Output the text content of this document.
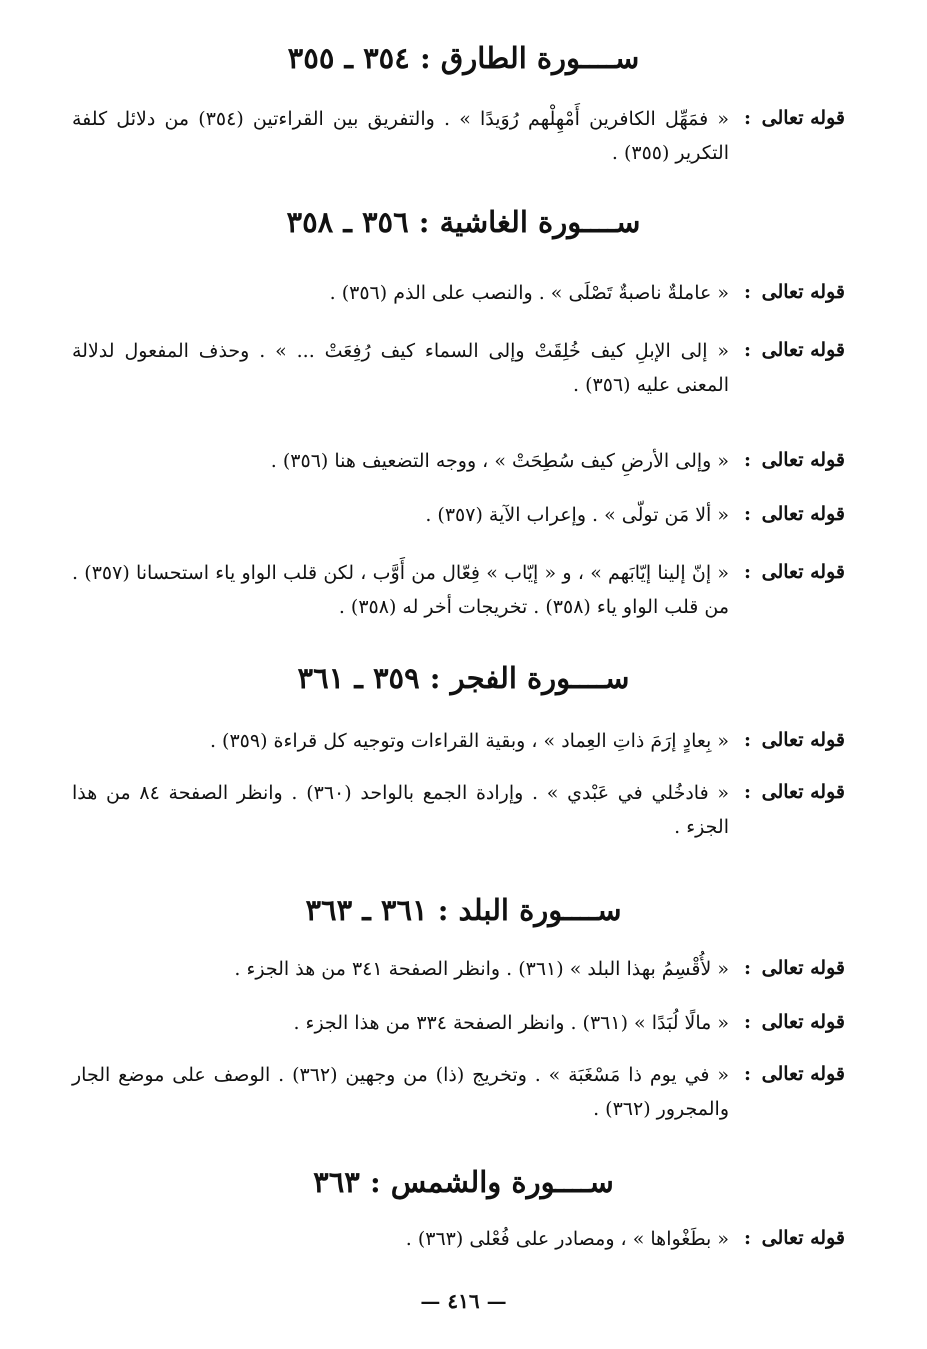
ســــورة الطارق : ٣٥٤ ـ ٣٥٥
قوله تعالى :
« فمَهِّل الكافرين أَمْهِلْهم رُوَيدًا » . والتفريق بين القراءتين (٣٥٤) من دلائل كلفة التكرير (٣٥٥) .
ســــورة الغاشية : ٣٥٦ ـ ٣٥٨
قوله تعالى :
« عاملةٌ ناصبةٌ تَصْلَى » . والنصب على الذم (٣٥٦) .
قوله تعالى :
« إلى الإبلِ كيف خُلِقَتْ وإلى السماء كيف رُفِعَتْ ... » . وحذف المفعول لدلالة المعنى عليه (٣٥٦) .
قوله تعالى :
« وإلى الأرضِ كيف سُطِحَتْ » ، ووجه التضعيف هنا (٣٥٦) .
قوله تعالى :
« ألا مَن تولّى » . وإعراب الآية (٣٥٧) .
قوله تعالى :
« إنّ إلينا إيّابَهم » ، و « إيّاب » فِعّال من أَوَّب ، لكن قلب الواو ياء استحسانا (٣٥٧) . من قلب الواو ياء (٣٥٨) . تخريجات أخر له (٣٥٨) .
ســــورة الفجر : ٣٥٩ ـ ٣٦١
قوله تعالى :
« بِعادٍ إرَمَ ذاتِ العِماد » ، وبقية القراءات وتوجيه كل قراءة (٣٥٩) .
قوله تعالى :
« فادخُلي في عَبْدي » . وإرادة الجمع بالواحد (٣٦٠) . وانظر الصفحة ٨٤ من هذا الجزء .
ســــورة البلد : ٣٦١ ـ ٣٦٣
قوله تعالى :
« لأُقْسِمُ بهذا البلد » (٣٦١) . وانظر الصفحة ٣٤١ من هذ الجزء .
قوله تعالى :
« مالًا لُبَدًا » (٣٦١) . وانظر الصفحة ٣٣٤ من هذا الجزء .
قوله تعالى :
« في يوم ذا مَسْغَبَة » . وتخريج (ذا) من وجهين (٣٦٢) . الوصف على موضع الجار والمجرور (٣٦٢) .
ســــورة والشمس : ٣٦٣
قوله تعالى :
« بطَغْواها » ، ومصادر على فُعْلى (٣٦٣) .
— ٤١٦ —
